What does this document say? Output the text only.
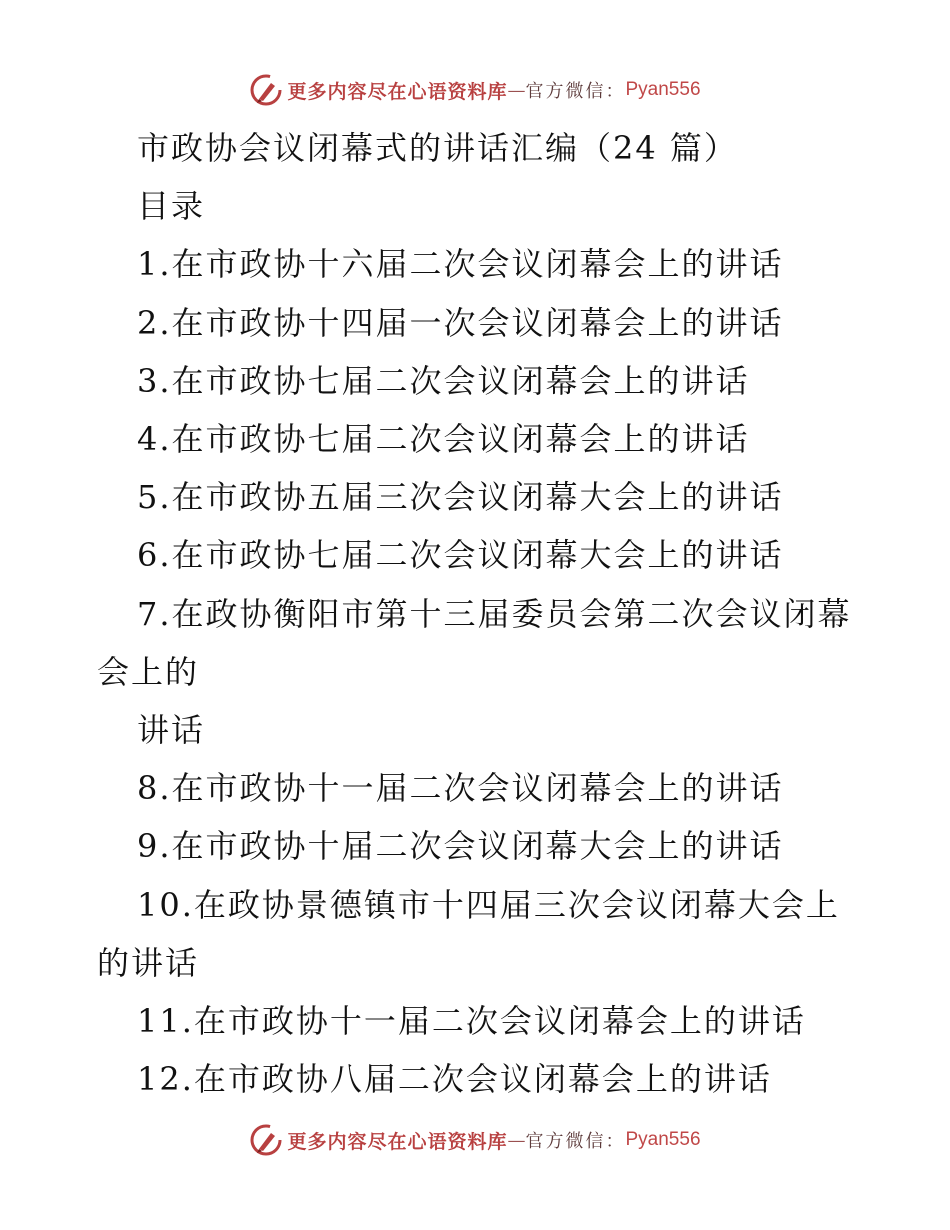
更多内容尽在心语资料库 — 官方微信： Pyan556
市政协会议闭幕式的讲话汇编（24 篇）
目录
1.在市政协十六届二次会议闭幕会上的讲话
2.在市政协十四届一次会议闭幕会上的讲话
3.在市政协七届二次会议闭幕会上的讲话
4.在市政协七届二次会议闭幕会上的讲话
5.在市政协五届三次会议闭幕大会上的讲话
6.在市政协七届二次会议闭幕大会上的讲话
7.在政协衡阳市第十三届委员会第二次会议闭幕
会上的
讲话
8.在市政协十一届二次会议闭幕会上的讲话
9.在市政协十届二次会议闭幕大会上的讲话
10.在政协景德镇市十四届三次会议闭幕大会上
的讲话
11.在市政协十一届二次会议闭幕会上的讲话
12.在市政协八届二次会议闭幕会上的讲话
更多内容尽在心语资料库 — 官方微信： Pyan556
